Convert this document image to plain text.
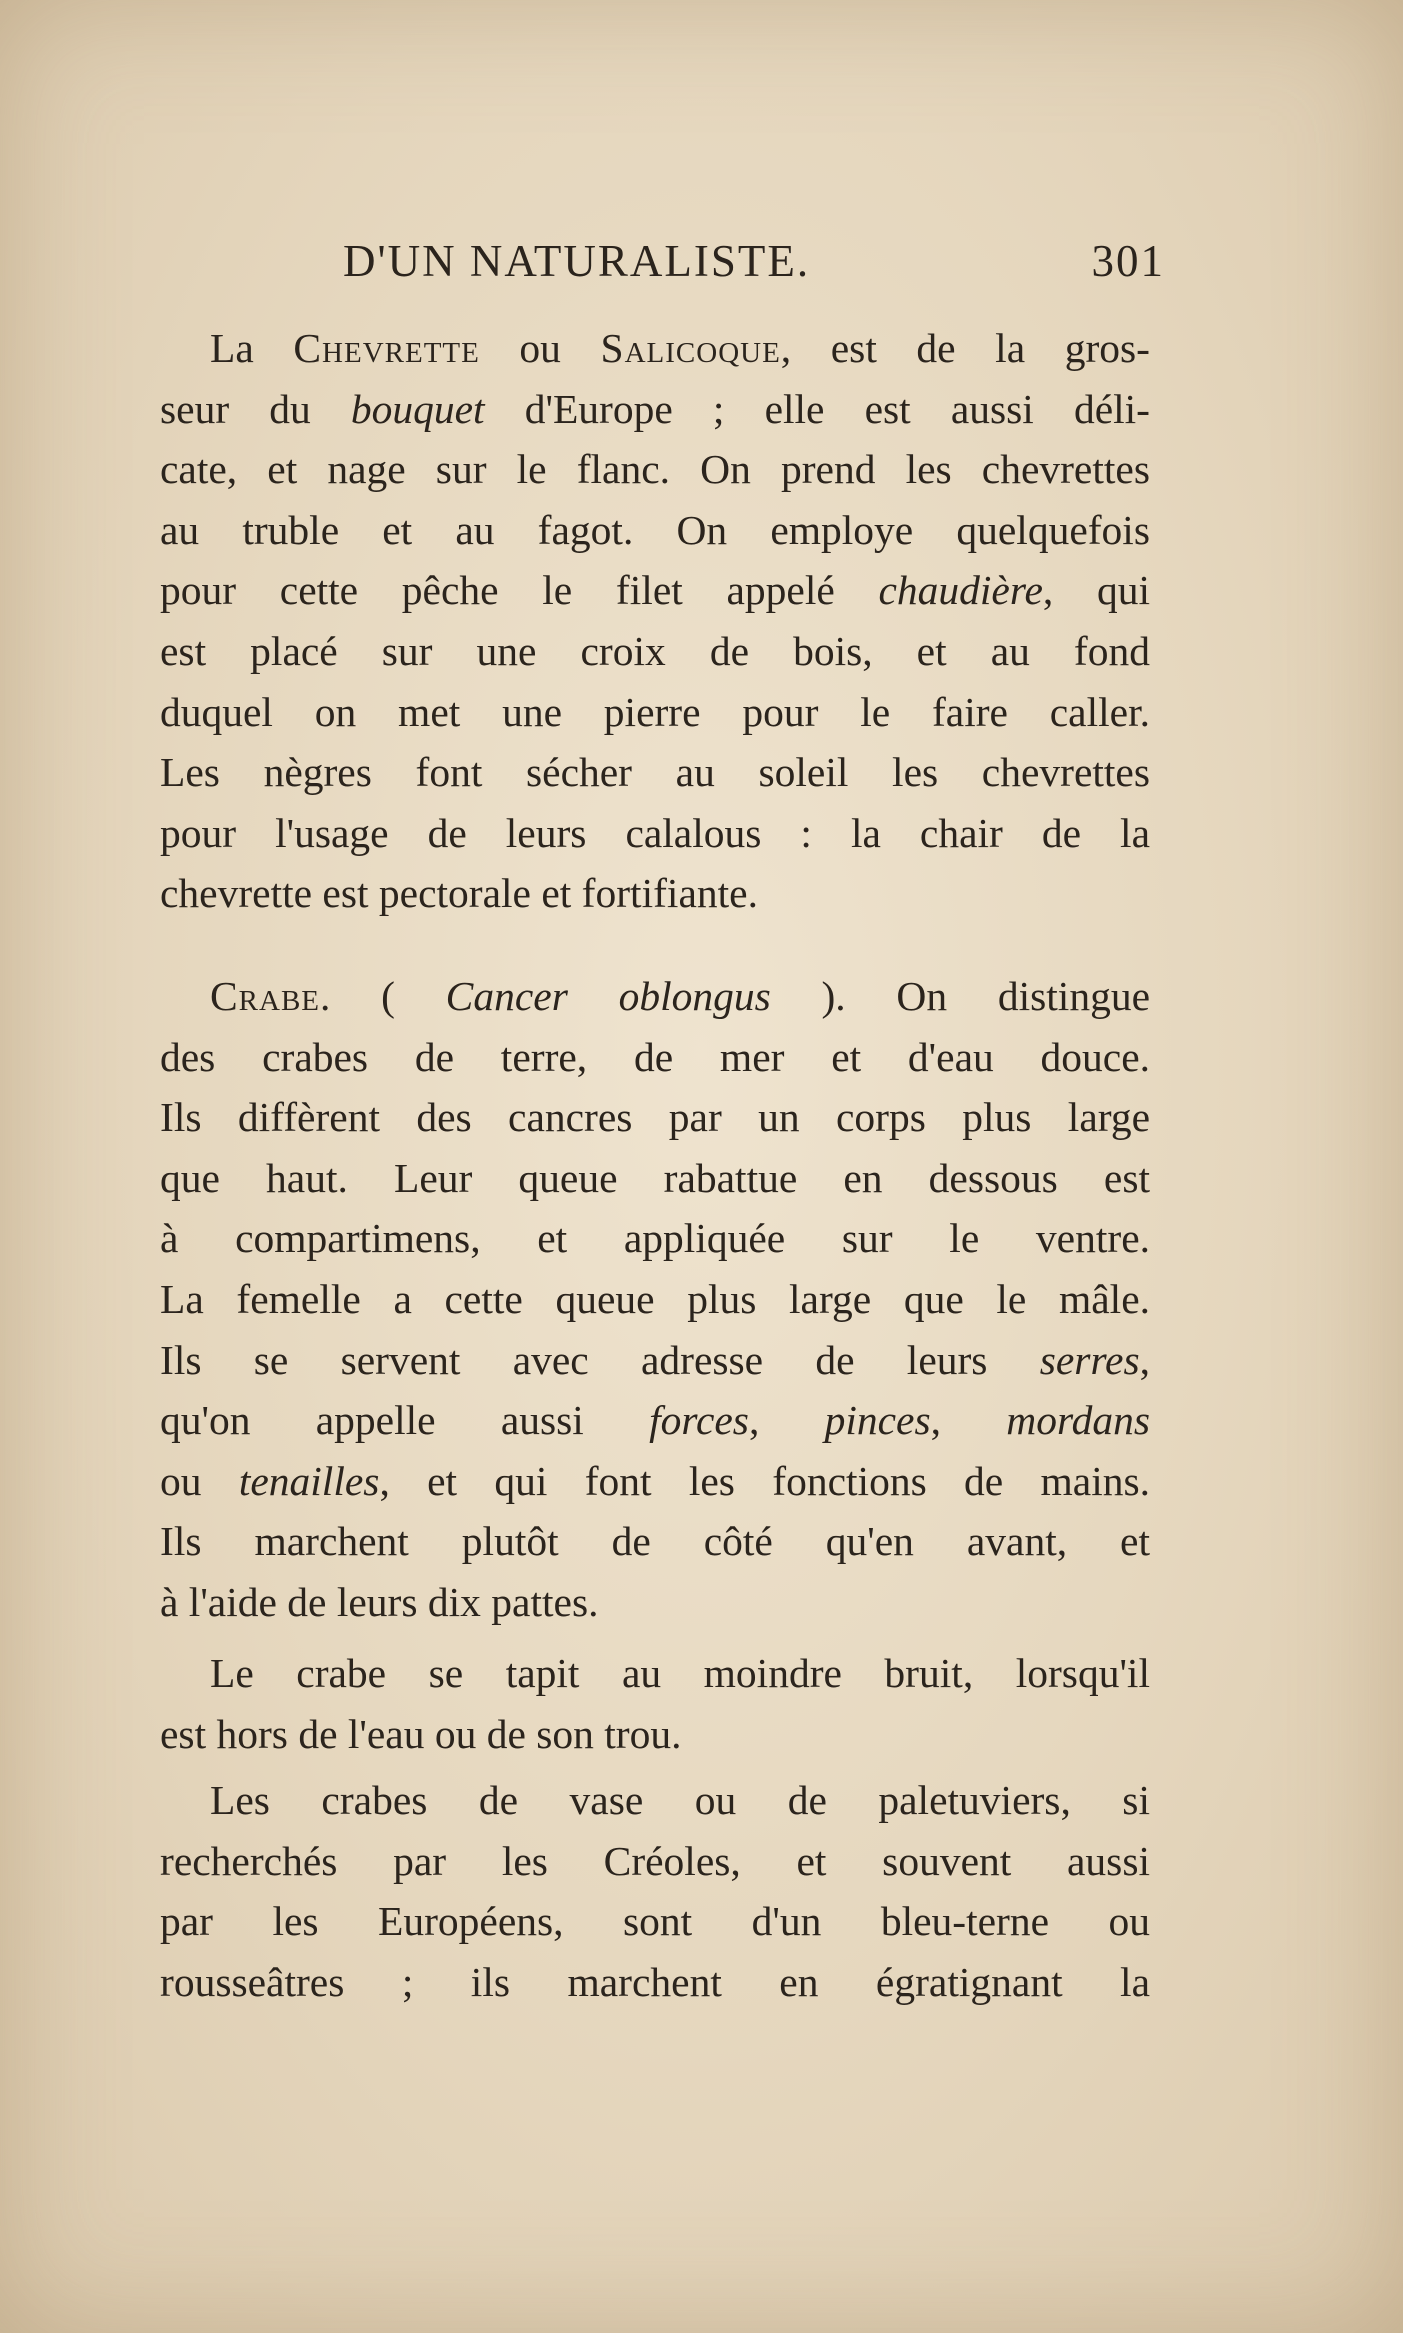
D'UN NATURALISTE.	301
La Chevrette ou Salicoque, est de la gros-
seur du bouquet d'Europe ; elle est aussi déli-
cate, et nage sur le flanc. On prend les chevrettes
au truble et au fagot. On employe quelquefois
pour cette pêche le filet appelé chaudière, qui
est placé sur une croix de bois, et au fond
duquel on met une pierre pour le faire caller.
Les nègres font sécher au soleil les chevrettes
pour l'usage de leurs calalous : la chair de la
chevrette est pectorale et fortifiante.
Crabe. ( Cancer oblongus ). On distingue
des crabes de terre, de mer et d'eau douce.
Ils diffèrent des cancres par un corps plus large
que haut. Leur queue rabattue en dessous est
à compartimens, et appliquée sur le ventre.
La femelle a cette queue plus large que le mâle.
Ils se servent avec adresse de leurs serres,
qu'on appelle aussi forces, pinces, mordans
ou tenailles, et qui font les fonctions de mains.
Ils marchent plutôt de côté qu'en avant, et
à l'aide de leurs dix pattes.
Le crabe se tapit au moindre bruit, lorsqu'il
est hors de l'eau ou de son trou.
Les crabes de vase ou de paletuviers, si
recherchés par les Créoles, et souvent aussi
par les Européens, sont d'un bleu-terne ou
rousseâtres ; ils marchent en égratignant la
